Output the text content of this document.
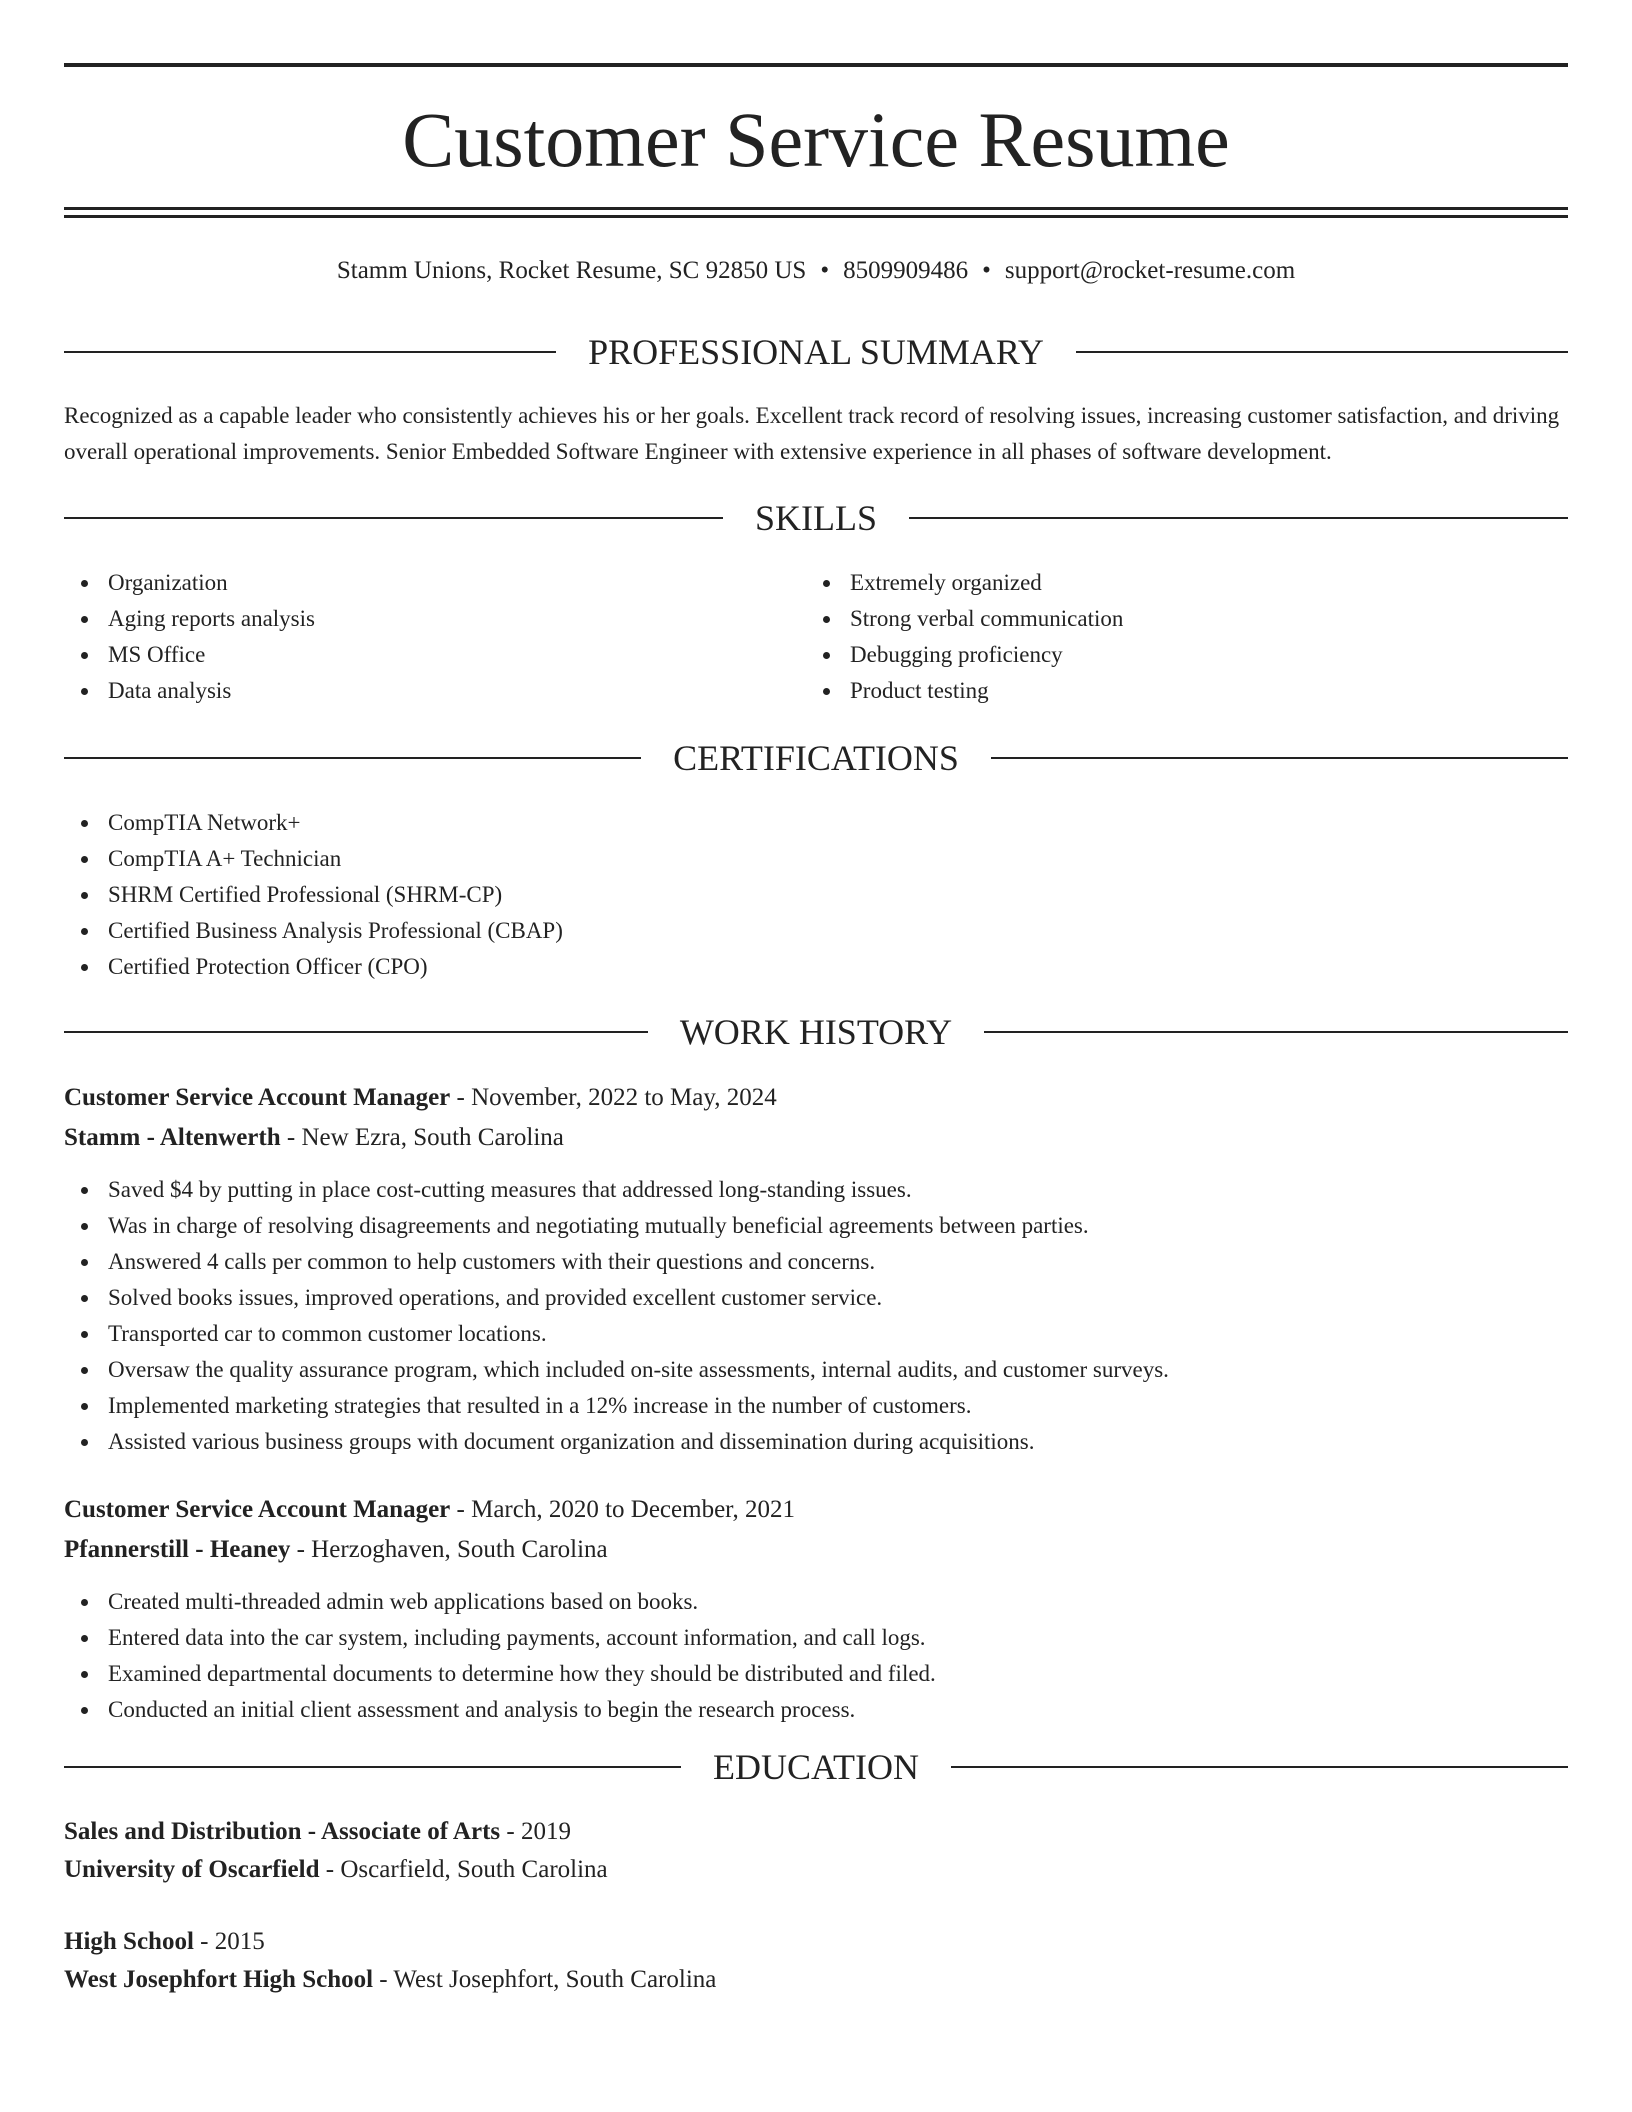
Customer Service Resume
Stamm Unions, Rocket Resume, SC 92850 US • 8509909486 • support@rocket-resume.com
PROFESSIONAL SUMMARY

Recognized as a capable leader who consistently achieves his or her goals. Excellent track record of resolving issues, increasing customer satisfaction, and driving overall operational improvements. Senior Embedded Software Engineer with extensive experience in all phases of software development.

SKILLS
Organization
Aging reports analysis
MS Office
Data analysis
Extremely organized
Strong verbal communication
Debugging proficiency
Product testing
CERTIFICATIONS
CompTIA Network+
CompTIA A+ Technician
SHRM Certified Professional (SHRM-CP)
Certified Business Analysis Professional (CBAP)
Certified Protection Officer (CPO)
WORK HISTORY
Customer Service Account Manager - November, 2022 to May, 2024
Stamm - Altenwerth - New Ezra, South Carolina
Saved $4 by putting in place cost-cutting measures that addressed long-standing issues.
Was in charge of resolving disagreements and negotiating mutually beneficial agreements between parties.
Answered 4 calls per common to help customers with their questions and concerns.
Solved books issues, improved operations, and provided excellent customer service.
Transported car to common customer locations.
Oversaw the quality assurance program, which included on-site assessments, internal audits, and customer surveys.
Implemented marketing strategies that resulted in a 12% increase in the number of customers.
Assisted various business groups with document organization and dissemination during acquisitions.
Customer Service Account Manager - March, 2020 to December, 2021
Pfannerstill - Heaney - Herzoghaven, South Carolina
Created multi-threaded admin web applications based on books.
Entered data into the car system, including payments, account information, and call logs.
Examined departmental documents to determine how they should be distributed and filed.
Conducted an initial client assessment and analysis to begin the research process.
EDUCATION
Sales and Distribution - Associate of Arts - 2019
University of Oscarfield - Oscarfield, South Carolina
High School - 2015
West Josephfort High School - West Josephfort, South Carolina
